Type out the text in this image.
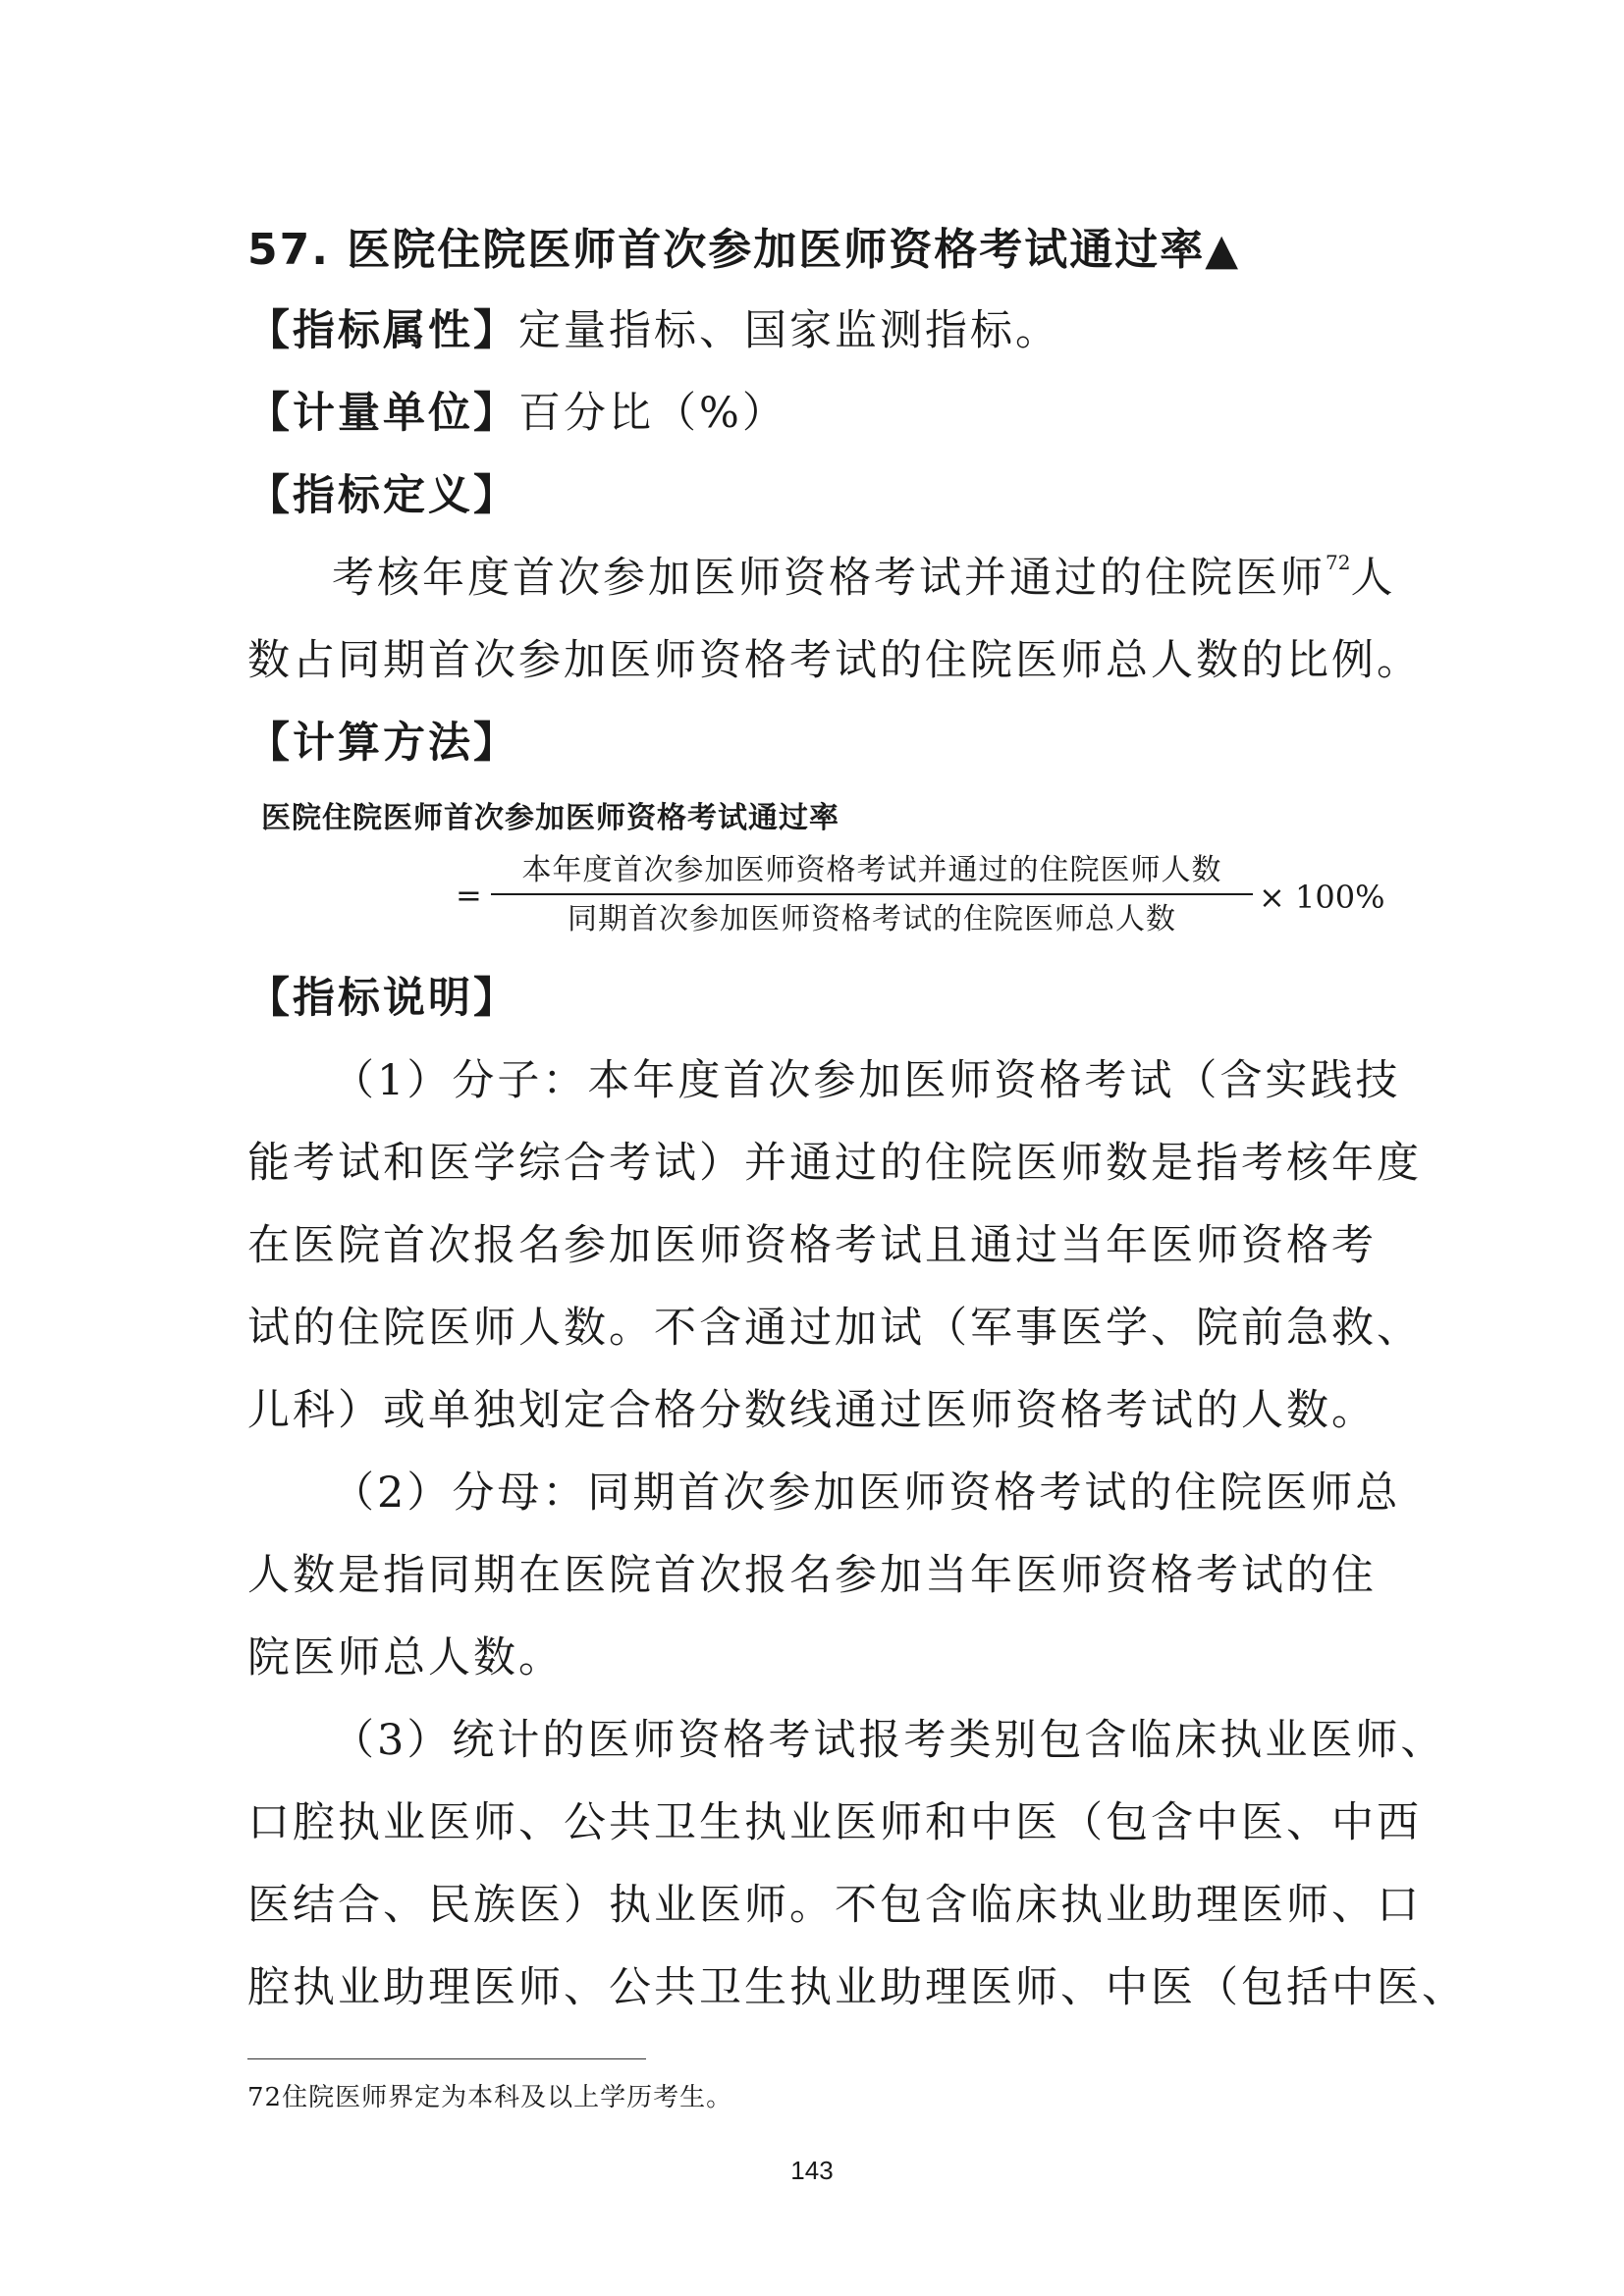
57. 医院住院医师首次参加医师资格考试通过率▲
【指标属性】定量指标、国家监测指标。
【计量单位】百分比（%）
【指标定义】
考核年度首次参加医师资格考试并通过的住院医师$^{72}$人
数占同期首次参加医师资格考试的住院医师总人数的比例。
【计算方法】
医院住院医师首次参加医师资格考试通过率
=
本年度首次参加医师资格考试并通过的住院医师人数
同期首次参加医师资格考试的住院医师总人数
× 100%
【指标说明】
（1）分子：本年度首次参加医师资格考试（含实践技
能考试和医学综合考试）并通过的住院医师数是指考核年度
在医院首次报名参加医师资格考试且通过当年医师资格考
试的住院医师人数。不含通过加试（军事医学、院前急救、
儿科）或单独划定合格分数线通过医师资格考试的人数。
（2）分母：同期首次参加医师资格考试的住院医师总
人数是指同期在医院首次报名参加当年医师资格考试的住
院医师总人数。
（3）统计的医师资格考试报考类别包含临床执业医师、
口腔执业医师、公共卫生执业医师和中医（包含中医、中西
医结合、民族医）执业医师。不包含临床执业助理医师、口
腔执业助理医师、公共卫生执业助理医师、中医（包括中医、
72住院医师界定为本科及以上学历考生。
143
